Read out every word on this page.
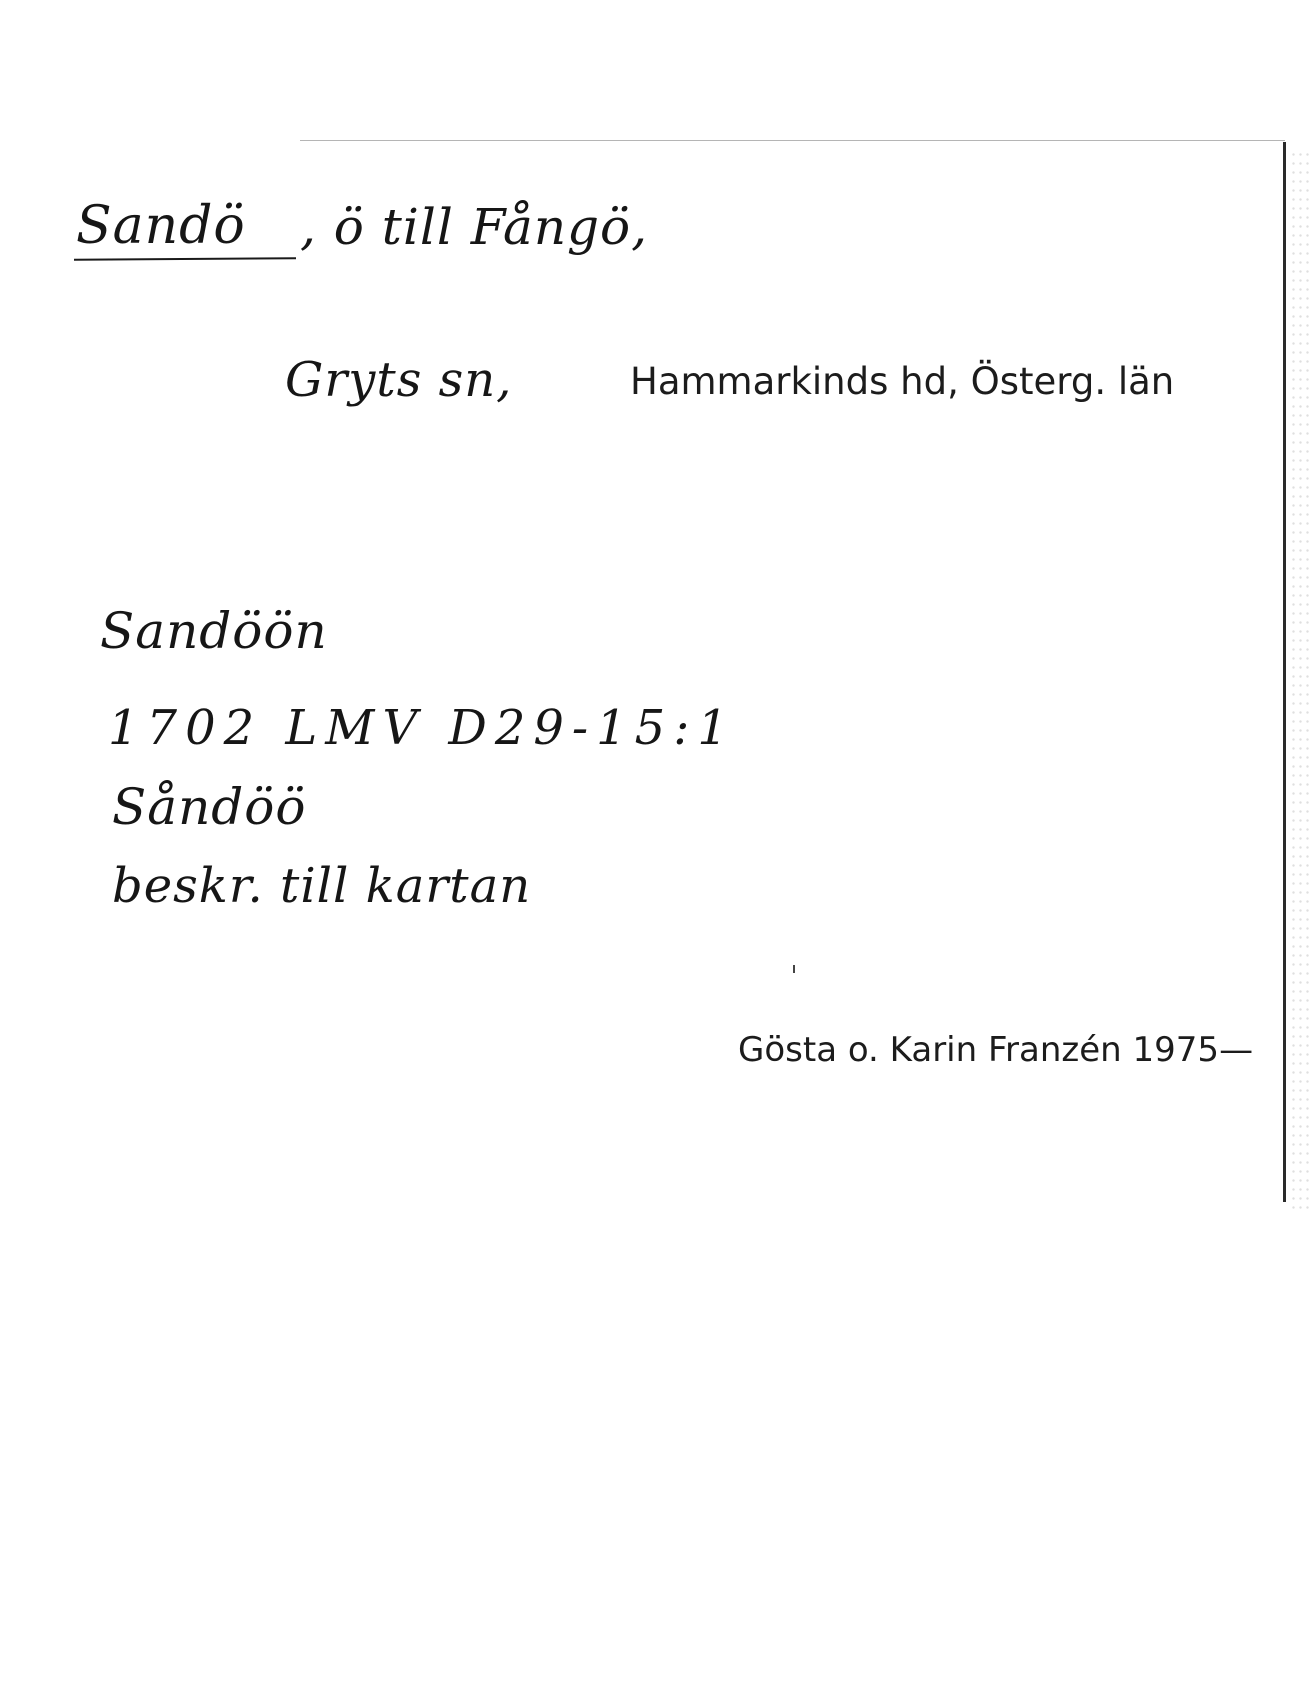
Sandö , ö till Fångö,
Gryts sn,	Hammarkinds hd, Österg. län
Sandöön
1702 LMV D29-15:1
Såndöö
beskr. till kartan
Gösta o. Karin Franzén 1975—
